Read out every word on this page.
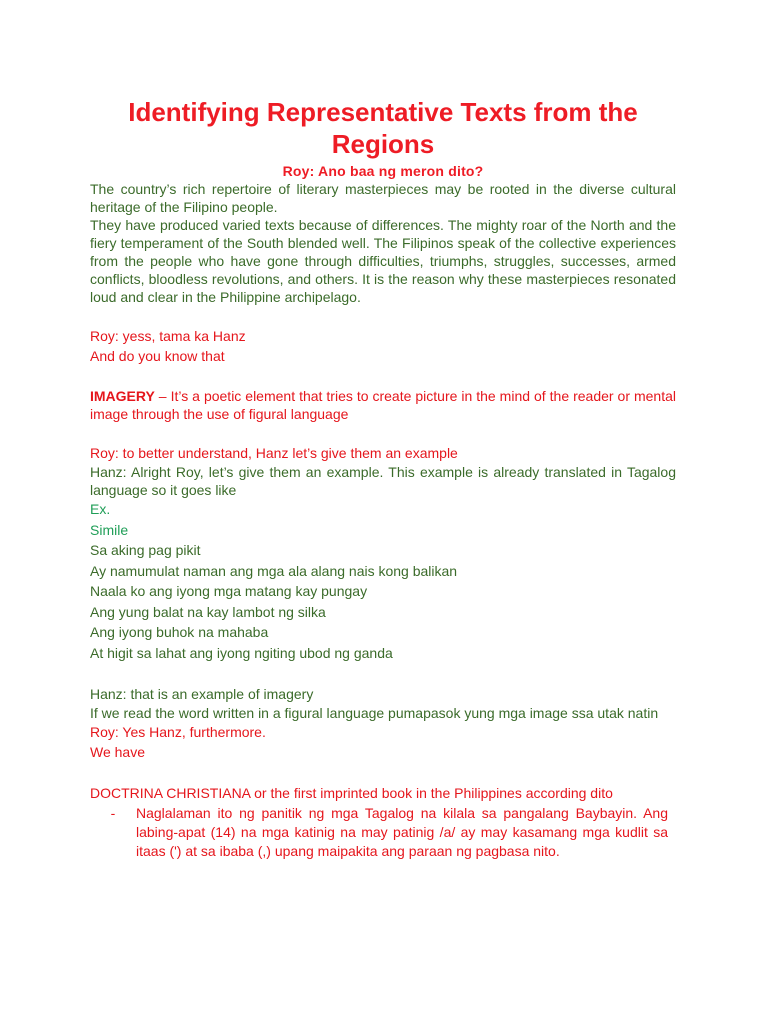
Identifying Representative Texts from the Regions
Roy: Ano baa ng meron dito?

The country’s rich repertoire of literary masterpieces may be rooted in the diverse cultural heritage of the Filipino people.

They have produced varied texts because of differences. The mighty roar of the North and the fiery temperament of the South blended well. The Filipinos speak of the collective experiences from the people who have gone through difficulties, triumphs, struggles, successes, armed conflicts, bloodless revolutions, and others. It is the reason why these masterpieces resonated loud and clear in the Philippine archipelago.

Roy: yess, tama ka Hanz

And do you know that

IMAGERY – It’s a poetic element that tries to create picture in the mind of the reader or mental image through the use of figural language

Roy: to better understand, Hanz let’s give them an example

Hanz: Alright Roy, let’s give them an example. This example is already translated in Tagalog language so it goes like

Ex.

Simile

Sa aking pag pikit

Ay namumulat naman ang mga ala alang nais kong balikan

Naala ko ang iyong mga matang kay pungay

Ang yung balat na kay lambot ng silka

Ang iyong buhok na mahaba

At higit sa lahat ang iyong ngiting ubod ng ganda

Hanz: that is an example of imagery

If we read the word written in a figural language pumapasok yung mga image ssa utak natin

Roy: Yes Hanz, furthermore.

We have

DOCTRINA CHRISTIANA or the first imprinted book in the Philippines according dito

-	Naglalaman ito ng panitik ng mga Tagalog na kilala sa pangalang Baybayin. Ang labing-apat (14) na mga katinig na may patinig /a/ ay may kasamang mga kudlit sa itaas (') at sa ibaba (,) upang maipakita ang paraan ng pagbasa nito.
